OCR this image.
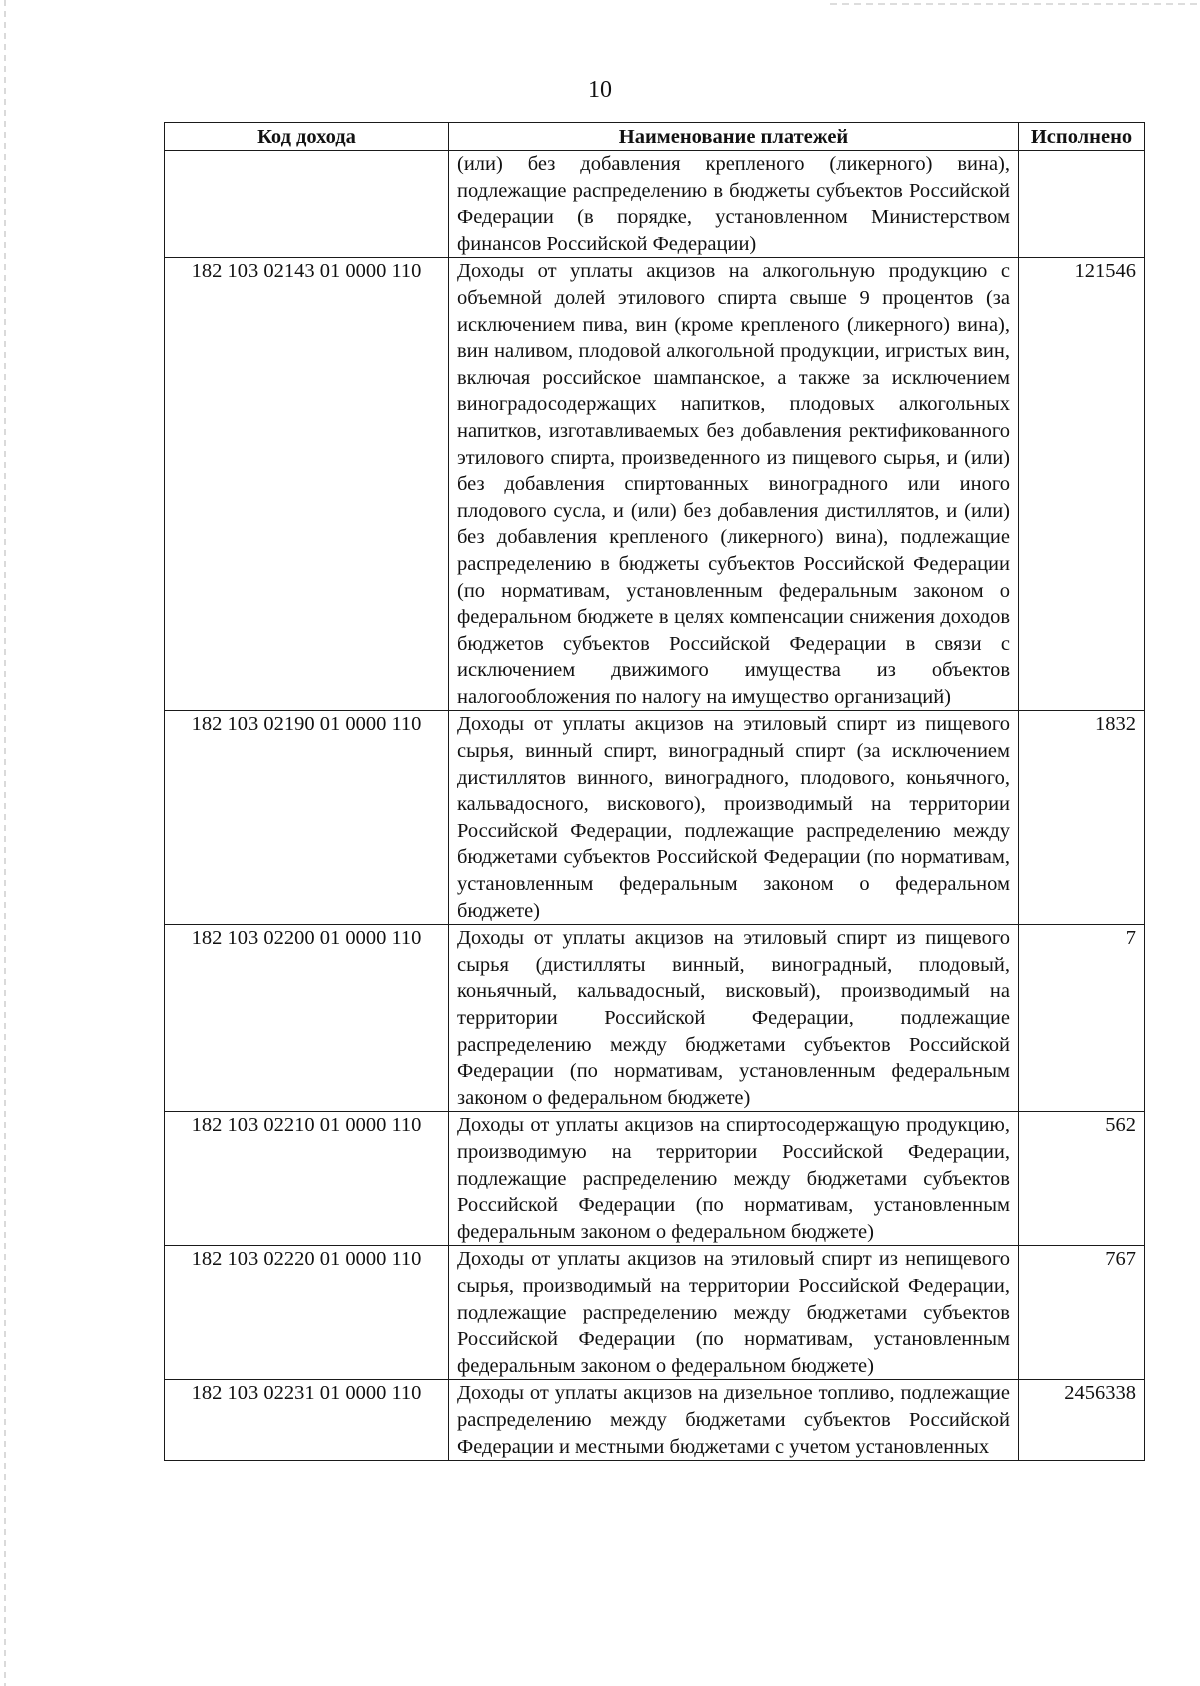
10
Код дохода	Наименование платежей	Исполнено
	(или) без добавления крепленого (ликерного) вина), подлежащие распределению в бюджеты субъектов Российской Федерации (в порядке, установленном Министерством финансов Российской Федерации)	
182 103 02143 01 0000 110	Доходы от уплаты акцизов на алкогольную продукцию с объемной долей этилового спирта свыше 9 процентов (за исключением пива, вин (кроме крепленого (ликерного) вина), вин наливом, плодовой алкогольной продукции, игристых вин, включая российское шампанское, а также за исключением виноградосодержащих напитков, плодовых алкогольных напитков, изготавливаемых без добавления ректификованного этилового спирта, произведенного из пищевого сырья, и (или) без добавления спиртованных виноградного или иного плодового сусла, и (или) без добавления дистиллятов, и (или) без добавления крепленого (ликерного) вина), подлежащие распределению в бюджеты субъектов Российской Федерации (по нормативам, установленным федеральным законом о федеральном бюджете в целях компенсации снижения доходов бюджетов субъектов Российской Федерации в связи с исключением движимого имущества из объектов налогообложения по налогу на имущество организаций)	121546
182 103 02190 01 0000 110	Доходы от уплаты акцизов на этиловый спирт из пищевого сырья, винный спирт, виноградный спирт (за исключением дистиллятов винного, виноградного, плодового, коньячного, кальвадосного, вискового), производимый на территории Российской Федерации, подлежащие распределению между бюджетами субъектов Российской Федерации (по нормативам, установленным федеральным законом о федеральном бюджете)	1832
182 103 02200 01 0000 110	Доходы от уплаты акцизов на этиловый спирт из пищевого сырья (дистилляты винный, виноградный, плодовый, коньячный, кальвадосный, висковый), производимый на территории Российской Федерации, подлежащие распределению между бюджетами субъектов Российской Федерации (по нормативам, установленным федеральным законом о федеральном бюджете)	7
182 103 02210 01 0000 110	Доходы от уплаты акцизов на спиртосодержащую продукцию, производимую на территории Российской Федерации, подлежащие распределению между бюджетами субъектов Российской Федерации (по нормативам, установленным федеральным законом о федеральном бюджете)	562
182 103 02220 01 0000 110	Доходы от уплаты акцизов на этиловый спирт из непищевого сырья, производимый на территории Российской Федерации, подлежащие распределению между бюджетами субъектов Российской Федерации (по нормативам, установленным федеральным законом о федеральном бюджете)	767
182 103 02231 01 0000 110	Доходы от уплаты акцизов на дизельное топливо, подлежащие распределению между бюджетами субъектов Российской Федерации и местными бюджетами с учетом установленных	2456338
